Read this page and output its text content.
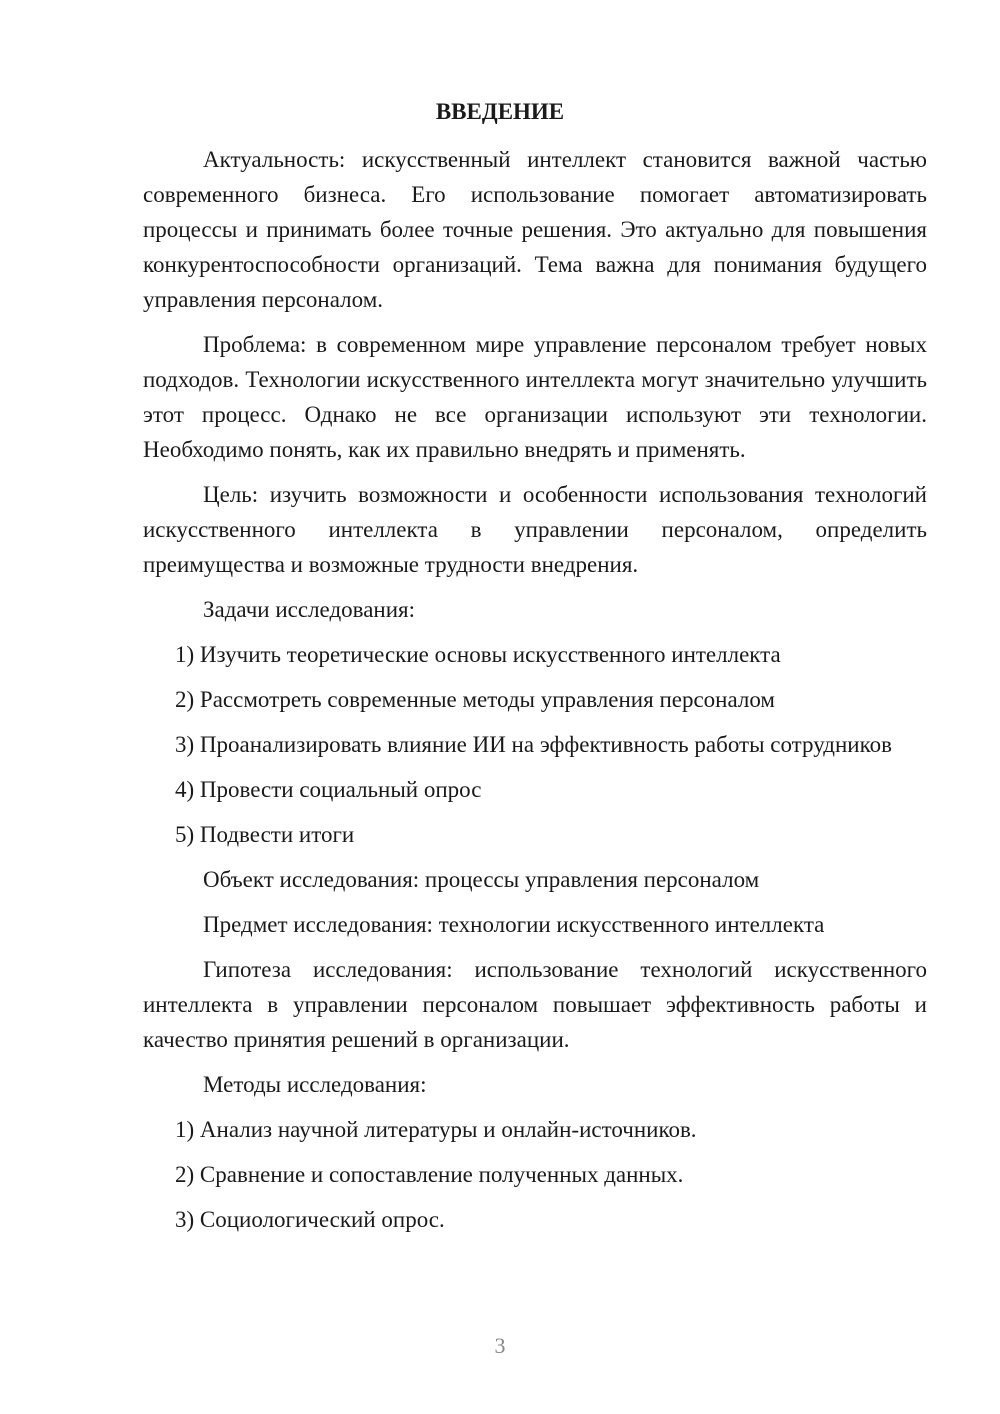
ВВЕДЕНИЕ

Актуальность: искусственный интеллект становится важной частью современного бизнеса. Его использование помогает автоматизировать процессы и принимать более точные решения. Это актуально для повышения конкурентоспособности организаций. Тема важна для понимания будущего управления персоналом.

Проблема: в современном мире управление персоналом требует новых подходов. Технологии искусственного интеллекта могут значительно улучшить этот процесс. Однако не все организации используют эти технологии. Необходимо понять, как их правильно внедрять и применять.

Цель: изучить возможности и особенности использования технологий искусственного интеллекта в управлении персоналом, определить преимущества и возможные трудности внедрения.

Задачи исследования:

1) Изучить теоретические основы искусственного интеллекта

2) Рассмотреть современные методы управления персоналом

3) Проанализировать влияние ИИ на эффективность работы сотрудников

4) Провести социальный опрос

5) Подвести итоги

Объект исследования: процессы управления персоналом

Предмет исследования: технологии искусственного интеллекта

Гипотеза исследования: использование технологий искусственного интеллекта в управлении персоналом повышает эффективность работы и качество принятия решений в организации.

Методы исследования:

1) Анализ научной литературы и онлайн-источников.

2) Сравнение и сопоставление полученных данных.

3) Социологический опрос.

3
